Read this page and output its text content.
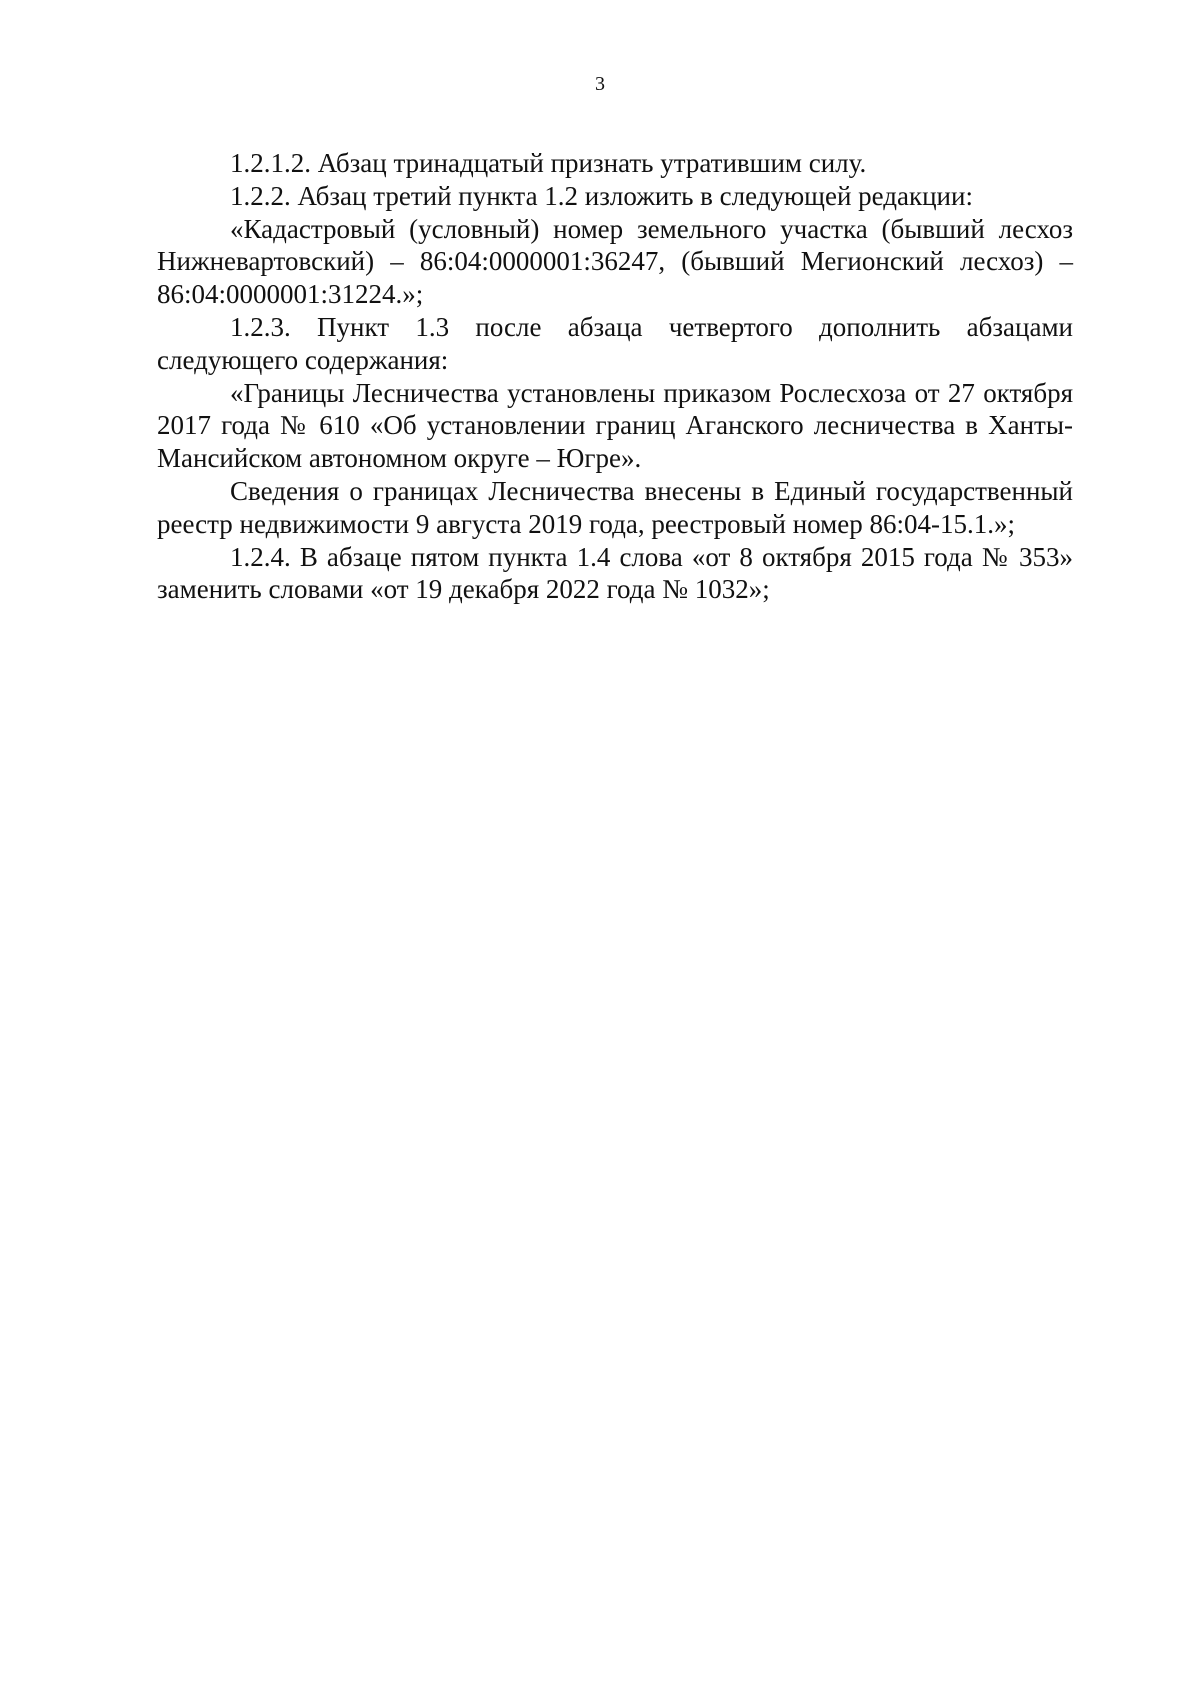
3

1.2.1.2. Абзац тринадцатый признать утратившим силу.

1.2.2. Абзац третий пункта 1.2 изложить в следующей редакции:

«Кадастровый (условный) номер земельного участка (бывший лесхоз Нижневартовский) – 86:04:0000001:36247, (бывший Мегионский лесхоз) – 86:04:0000001:31224.»;

1.2.3. Пункт 1.3 после абзаца четвертого дополнить абзацами следующего содержания:

«Границы Лесничества установлены приказом Рослесхоза от 27 октября 2017 года № 610 «Об установлении границ Аганского лесничества в Ханты-Мансийском автономном округе – Югре».

Сведения о границах Лесничества внесены в Единый государственный реестр недвижимости 9 августа 2019 года, реестровый номер 86:04-15.1.»;

1.2.4. В абзаце пятом пункта 1.4 слова «от 8 октября 2015 года № 353» заменить словами «от 19 декабря 2022 года № 1032»;
